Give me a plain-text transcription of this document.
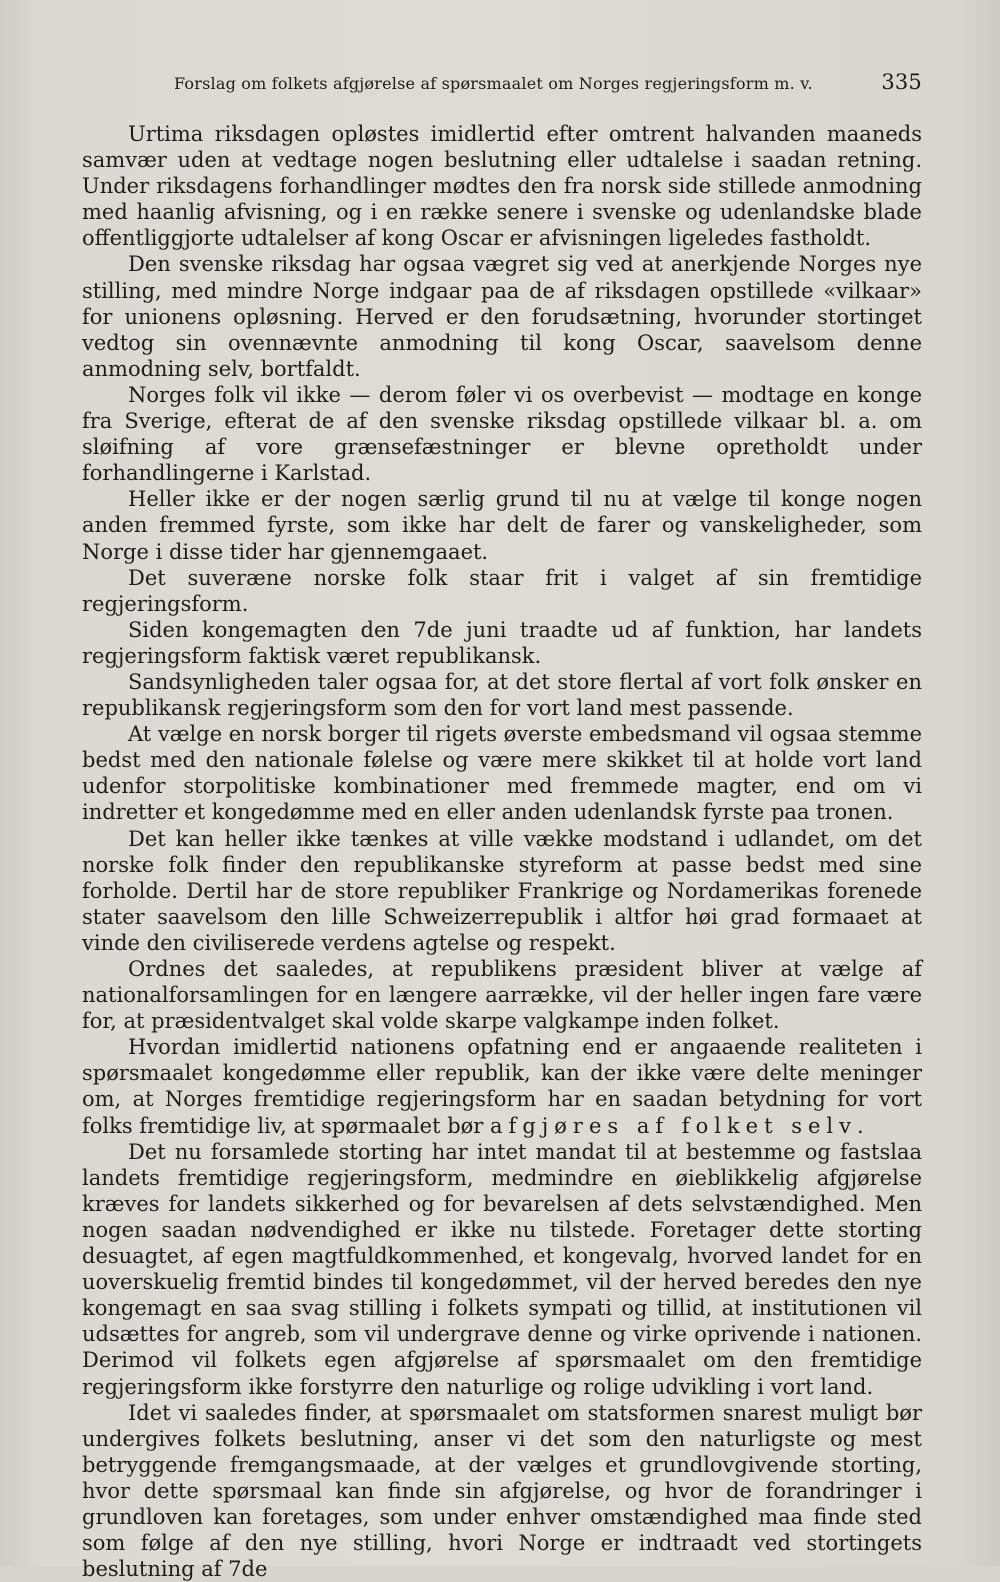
Forslag om folkets afgjørelse af spørsmaalet om Norges regjeringsform m. v.	335

Urtima riksdagen opløstes imidlertid efter omtrent halvanden maaneds samvær uden at vedtage nogen beslutning eller udtalelse i saadan retning. Under riksdagens forhandlinger mødtes den fra norsk side stillede anmodning med haanlig afvisning, og i en række senere i svenske og udenlandske blade offentliggjorte udtalelser af kong Oscar er afvisningen ligeledes fastholdt.

Den svenske riksdag har ogsaa vægret sig ved at anerkjende Norges nye stilling, med mindre Norge indgaar paa de af riksdagen opstillede «vilkaar» for unionens opløsning. Herved er den forudsætning, hvorunder stortinget vedtog sin ovennævnte anmodning til kong Oscar, saavelsom denne anmodning selv, bortfaldt.

Norges folk vil ikke — derom føler vi os overbevist — modtage en konge fra Sverige, efterat de af den svenske riksdag opstillede vilkaar bl. a. om sløifning af vore grænsefæstninger er blevne opretholdt under forhandlingerne i Karlstad.

Heller ikke er der nogen særlig grund til nu at vælge til konge nogen anden fremmed fyrste, som ikke har delt de farer og vanskeligheder, som Norge i disse tider har gjennemgaaet.

Det suveræne norske folk staar frit i valget af sin fremtidige regjeringsform.

Siden kongemagten den 7de juni traadte ud af funktion, har landets regjeringsform faktisk været republikansk.

Sandsynligheden taler ogsaa for, at det store flertal af vort folk ønsker en republikansk regjeringsform som den for vort land mest passende.

At vælge en norsk borger til rigets øverste embedsmand vil ogsaa stemme bedst med den nationale følelse og være mere skikket til at holde vort land udenfor storpolitiske kombinationer med fremmede magter, end om vi indretter et kongedømme med en eller anden udenlandsk fyrste paa tronen.

Det kan heller ikke tænkes at ville vække modstand i udlandet, om det norske folk finder den republikanske styreform at passe bedst med sine forholde. Dertil har de store republiker Frankrige og Nordamerikas forenede stater saavelsom den lille Schweizerrepublik i altfor høi grad formaaet at vinde den civiliserede verdens agtelse og respekt.

Ordnes det saaledes, at republikens præsident bliver at vælge af nationalforsamlingen for en længere aarrække, vil der heller ingen fare være for, at præsidentvalget skal volde skarpe valgkampe inden folket.

Hvordan imidlertid nationens opfatning end er angaaende realiteten i spørsmaalet kongedømme eller republik, kan der ikke være delte meninger om, at Norges fremtidige regjeringsform har en saadan betydning for vort folks fremtidige liv, at spørmaalet bør afgjøres af folket selv.

Det nu forsamlede storting har intet mandat til at bestemme og fastslaa landets fremtidige regjeringsform, medmindre en øieblikkelig afgjørelse kræves for landets sikkerhed og for bevarelsen af dets selvstændighed. Men nogen saadan nødvendighed er ikke nu tilstede. Foretager dette storting desuagtet, af egen magtfuldkommenhed, et kongevalg, hvorved landet for en uoverskuelig fremtid bindes til kongedømmet, vil der herved beredes den nye kongemagt en saa svag stilling i folkets sympati og tillid, at institutionen vil udsættes for angreb, som vil undergrave denne og virke oprivende i nationen. Derimod vil folkets egen afgjørelse af spørsmaalet om den fremtidige regjeringsform ikke forstyrre den naturlige og rolige udvikling i vort land.

Idet vi saaledes finder, at spørsmaalet om statsformen snarest muligt bør undergives folkets beslutning, anser vi det som den naturligste og mest betryggende fremgangsmaade, at der vælges et grundlovgivende storting, hvor dette spørsmaal kan finde sin afgjørelse, og hvor de forandringer i grundloven kan foretages, som under enhver omstændighed maa finde sted som følge af den nye stilling, hvori Norge er indtraadt ved stortingets beslutning af 7de
